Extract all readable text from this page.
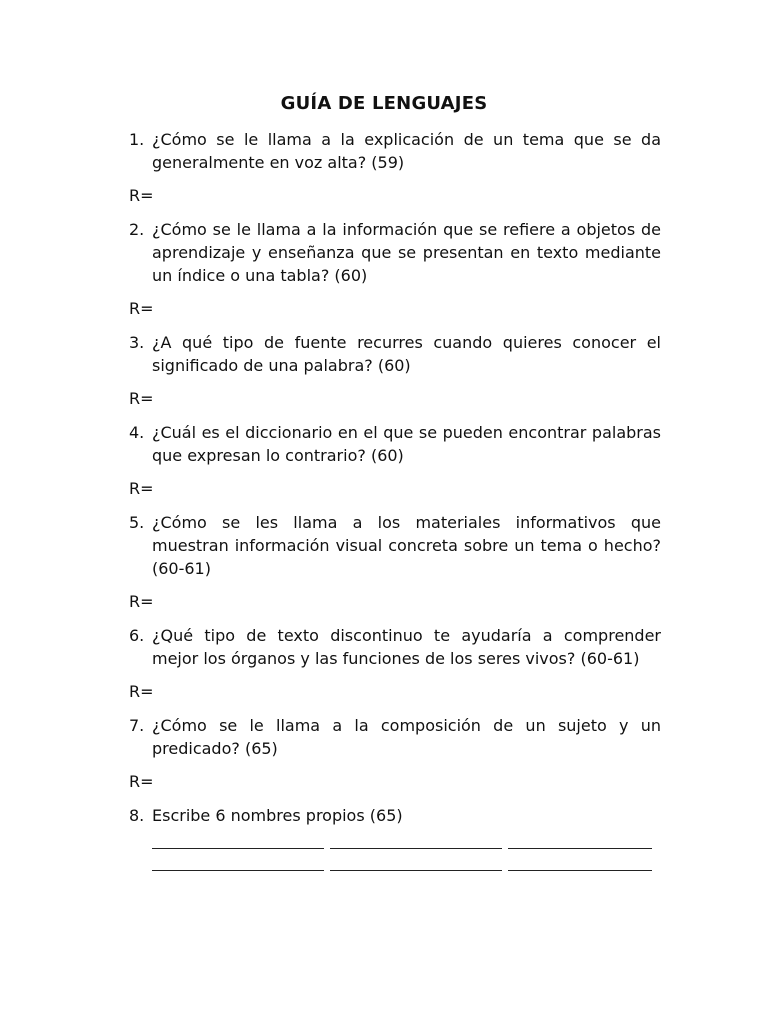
GUÍA DE LENGUAJES
1. ¿Cómo se le llama a la explicación de un tema que se da generalmente en voz alta? (59)
R=
2. ¿Cómo se le llama a la información que se refiere a objetos de aprendizaje y enseñanza que se presentan en texto mediante un índice o una tabla? (60)
R=
3. ¿A qué tipo de fuente recurres cuando quieres conocer el significado de una palabra? (60)
R=
4. ¿Cuál es el diccionario en el que se pueden encontrar palabras que expresan lo contrario? (60)
R=
5. ¿Cómo se les llama a los materiales informativos que muestran información visual concreta sobre un tema o hecho? (60-61)
R=
6. ¿Qué tipo de texto discontinuo te ayudaría a comprender mejor los órganos y las funciones de los seres vivos? (60-61)
R=
7. ¿Cómo se le llama a la composición de un sujeto y un predicado? (65)
R=
8. Escribe 6 nombres propios (65)
